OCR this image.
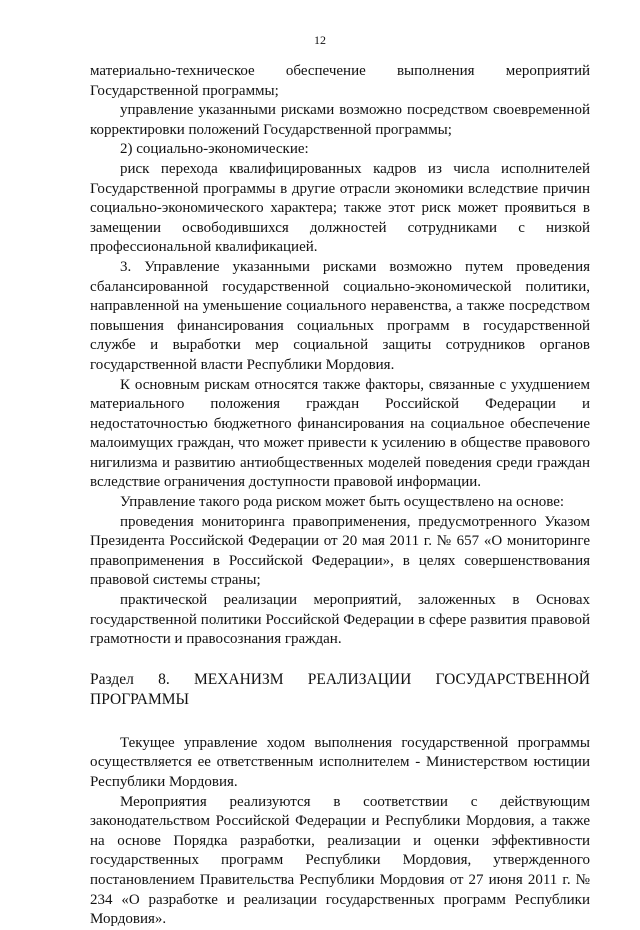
12

материально-техническое обеспечение выполнения мероприятий Государственной программы;

управление указанными рисками возможно посредством своевременной корректировки положений Государственной программы;

2) социально-экономические:

риск перехода квалифицированных кадров из числа исполнителей Государственной программы в другие отрасли экономики вследствие причин социально-экономического характера; также этот риск может проявиться в замещении освободившихся должностей сотрудниками с низкой профессиональной квалификацией.

3. Управление указанными рисками возможно путем проведения сбалансированной государственной социально-экономической политики, направленной на уменьшение социального неравенства, а также посредством повышения финансирования социальных программ в государственной службе и выработки мер социальной защиты сотрудников органов государственной власти Республики Мордовия.

К основным рискам относятся также факторы, связанные с ухудшением материального положения граждан Российской Федерации и недостаточностью бюджетного финансирования на социальное обеспечение малоимущих граждан, что может привести к усилению в обществе правового нигилизма и развитию антиобщественных моделей поведения среди граждан вследствие ограничения доступности правовой информации.

Управление такого рода риском может быть осуществлено на основе:

проведения мониторинга правоприменения, предусмотренного Указом Президента Российской Федерации от 20 мая 2011 г. № 657 «О мониторинге правоприменения в Российской Федерации», в целях совершенствования правовой системы страны;

практической реализации мероприятий, заложенных в Основах государственной политики Российской Федерации в сфере развития правовой грамотности и правосознания граждан.

Раздел 8. МЕХАНИЗМ РЕАЛИЗАЦИИ ГОСУДАРСТВЕННОЙ

ПРОГРАММЫ

Текущее управление ходом выполнения государственной программы осуществляется ее ответственным исполнителем - Министерством юстиции Республики Мордовия.

Мероприятия реализуются в соответствии с действующим законодательством Российской Федерации и Республики Мордовия, а также на основе Порядка разработки, реализации и оценки эффективности государственных программ Республики Мордовия, утвержденного постановлением Правительства Республики Мордовия от 27 июня 2011 г. № 234 «О разработке и реализации государственных программ Республики Мордовия».
